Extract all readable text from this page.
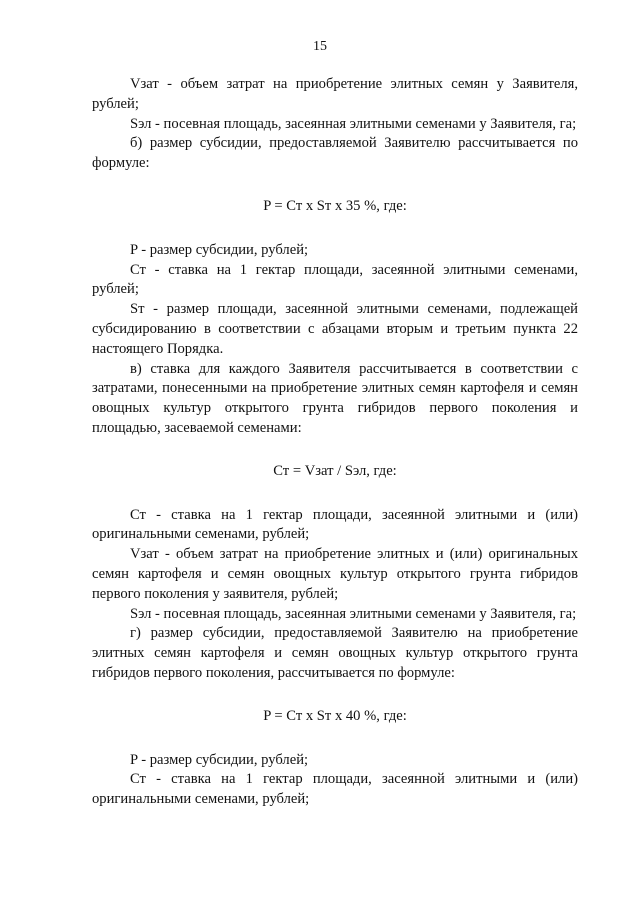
15

Vзат - объем затрат на приобретение элитных семян у Заявителя, рублей;

Sэл - посевная площадь, засеянная элитными семенами у Заявителя, га;

б) размер субсидии, предоставляемой Заявителю рассчитывается по формуле:

P = Ст х Sт х 35 %, где:

P - размер субсидии, рублей;

Ст - ставка на 1 гектар площади, засеянной элитными семенами, рублей;

Sт - размер площади, засеянной элитными семенами, подлежащей субсидированию в соответствии с абзацами вторым и третьим пункта 22 настоящего Порядка.

в) ставка для каждого Заявителя рассчитывается в соответствии с затратами, понесенными на приобретение элитных семян картофеля и семян овощных культур открытого грунта гибридов первого поколения и площадью, засеваемой семенами:

Ст = Vзат / Sэл, где:

Ст - ставка на 1 гектар площади, засеянной элитными и (или) оригинальными семенами, рублей;

Vзат - объем затрат на приобретение элитных и (или) оригинальных семян картофеля и семян овощных культур открытого грунта гибридов первого поколения у заявителя, рублей;

Sэл - посевная площадь, засеянная элитными семенами у Заявителя, га;

г) размер субсидии, предоставляемой Заявителю на приобретение элитных семян картофеля и семян овощных культур открытого грунта гибридов первого поколения, рассчитывается по формуле:

P = Ст х Sт х 40 %, где:

P - размер субсидии, рублей;

Ст - ставка на 1 гектар площади, засеянной элитными и (или) оригинальными семенами, рублей;
